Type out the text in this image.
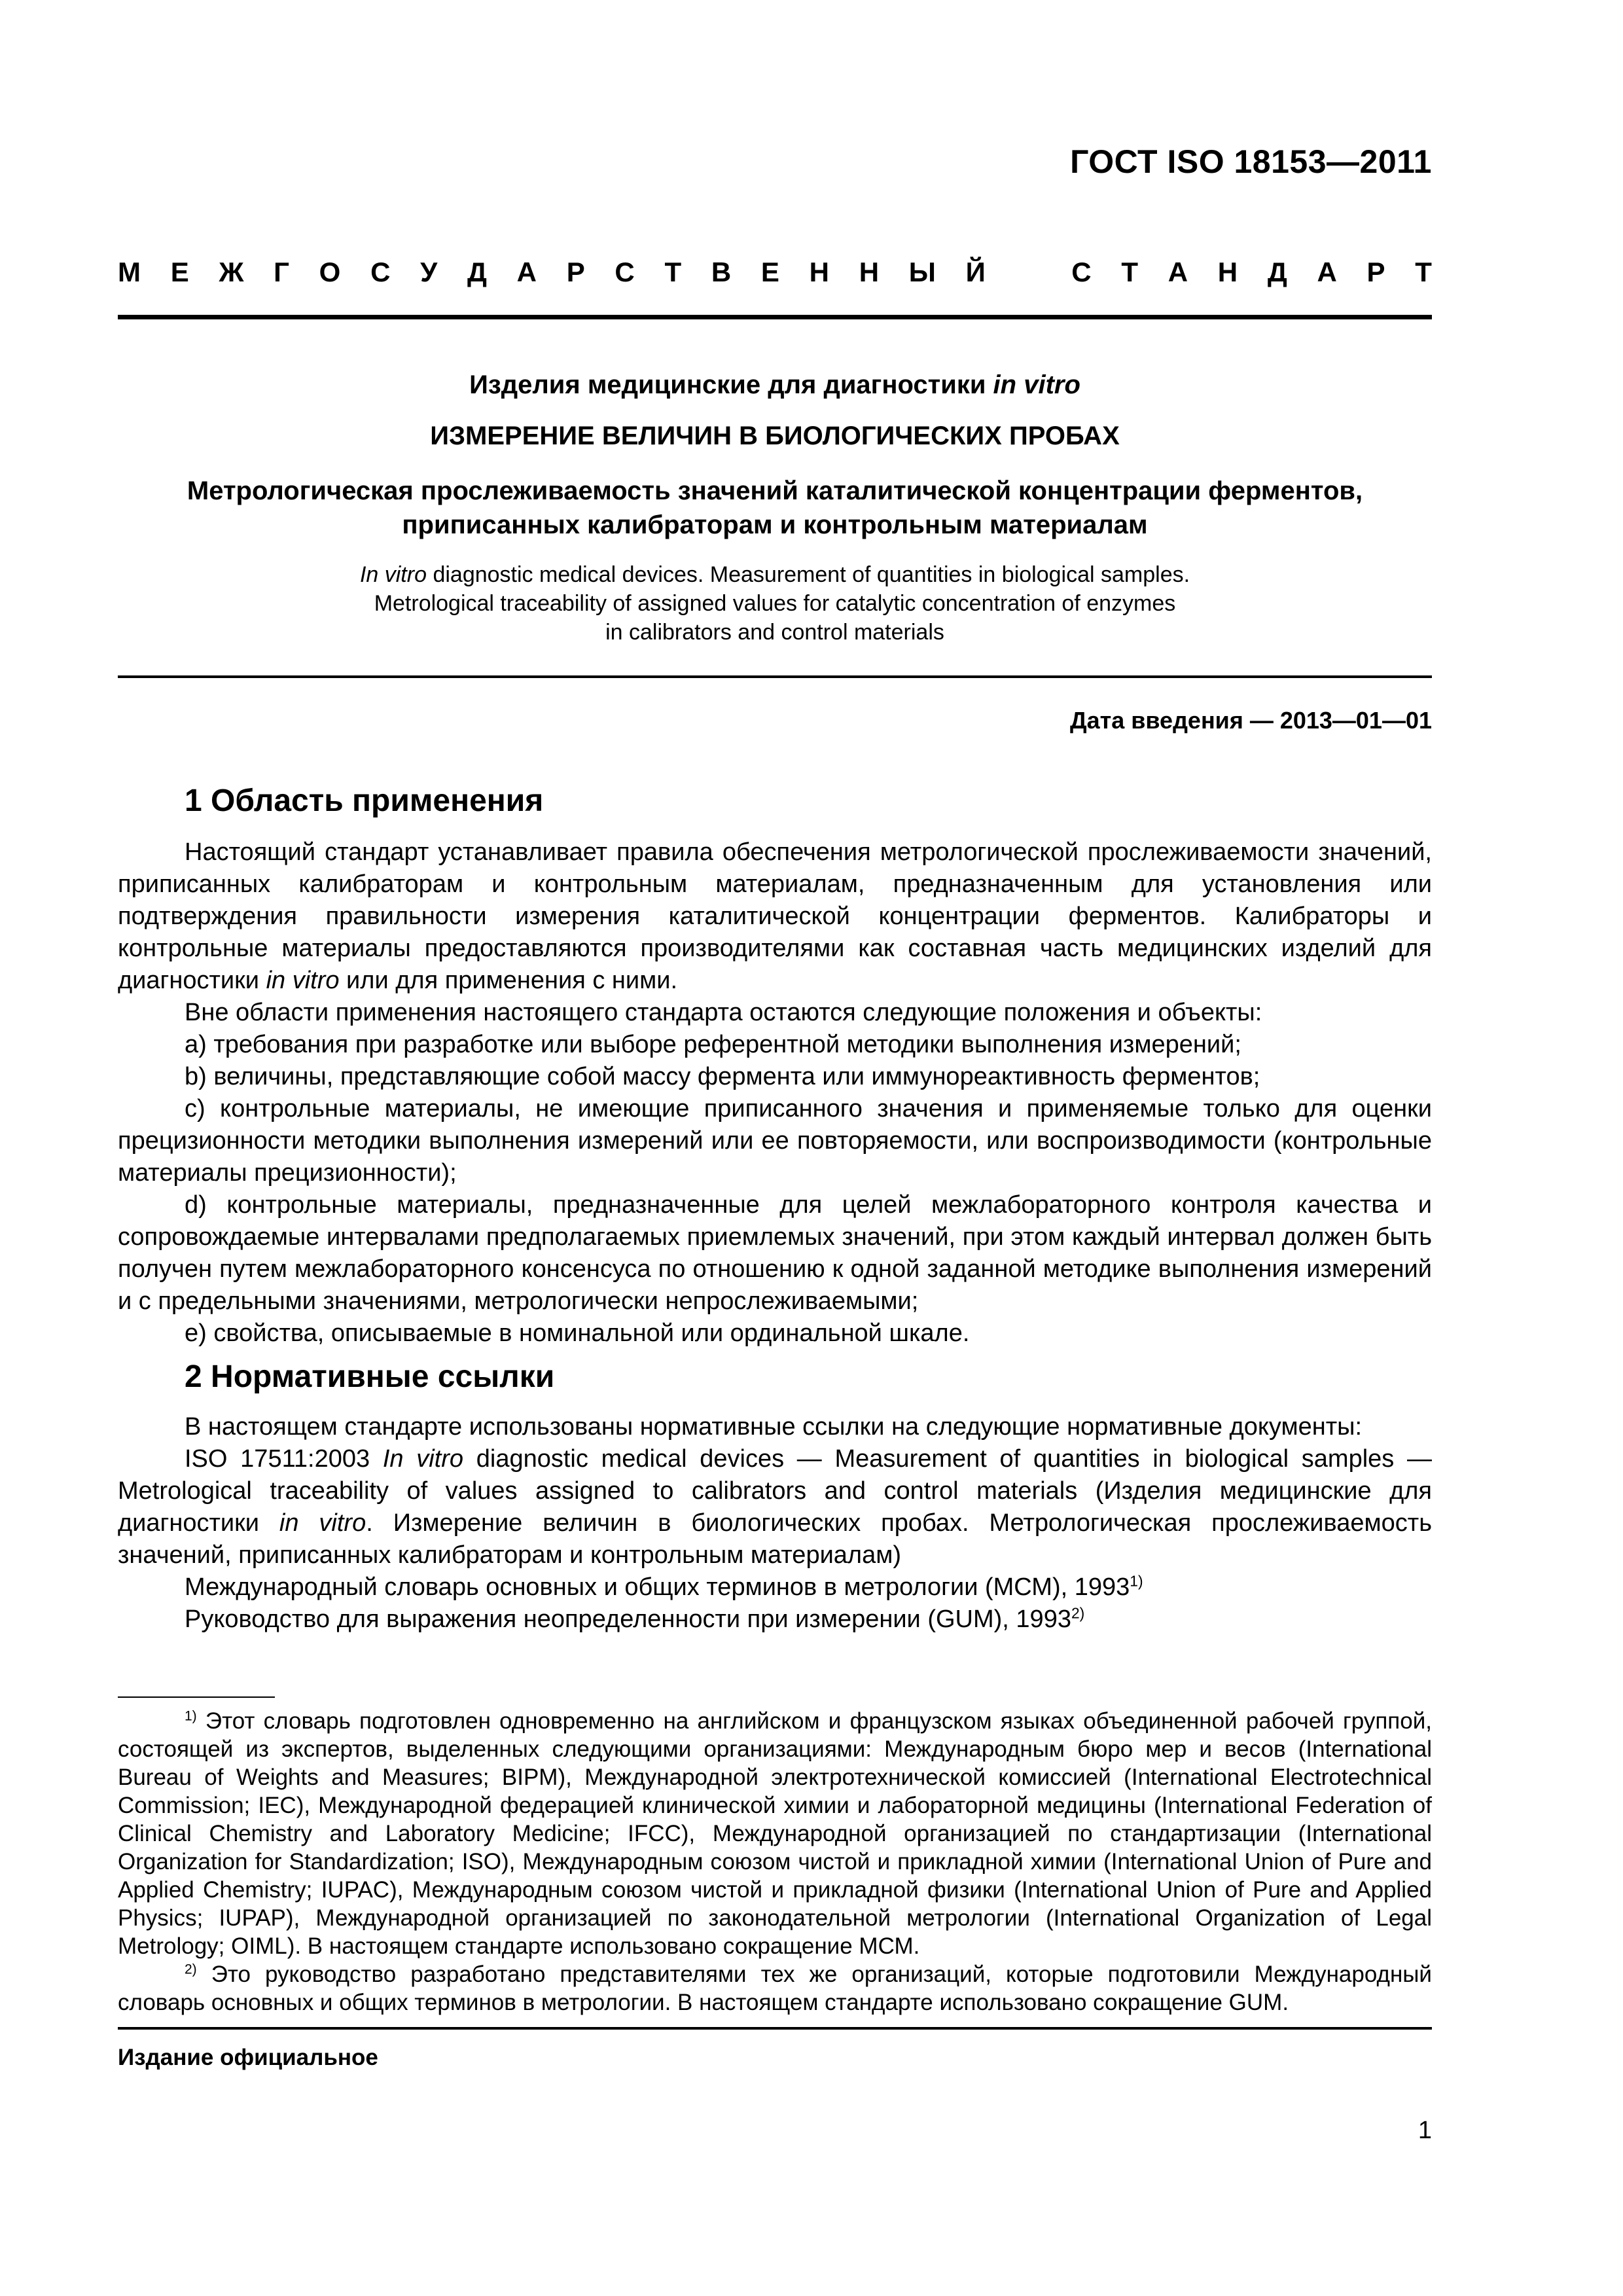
ГОСТ ISO 18153—2011
М Е Ж Г О С У Д А Р С Т В Е Н Н Ы Й	С Т А Н Д А Р Т

Изделия медицинские для диагностики in vitro

ИЗМЕРЕНИЕ ВЕЛИЧИН В БИОЛОГИЧЕСКИХ ПРОБАХ

Метрологическая прослеживаемость значений каталитической концентрации ферментов,
приписанных калибраторам и контрольным материалам

In vitro diagnostic medical devices. Measurement of quantities in biological samples.
Metrological traceability of assigned values for catalytic concentration of enzymes
in calibrators and control materials

Дата введения — 2013—01—01
1 Область применения

Настоящий стандарт устанавливает правила обеспечения метрологической прослеживаемости значений, приписанных калибраторам и контрольным материалам, предназначенным для установления или подтверждения правильности измерения каталитической концентрации ферментов. Калибраторы и контрольные материалы предоставляются производителями как составная часть медицинских изделий для диагностики in vitro или для применения с ними.

Вне области применения настоящего стандарта остаются следующие положения и объекты:

a) требования при разработке или выборе референтной методики выполнения измерений;

b) величины, представляющие собой массу фермента или иммунореактивность ферментов;

c) контрольные материалы, не имеющие приписанного значения и применяемые только для оценки прецизионности методики выполнения измерений или ее повторяемости, или воспроизводимости (контрольные материалы прецизионности);

d) контрольные материалы, предназначенные для целей межлабораторного контроля качества и сопровождаемые интервалами предполагаемых приемлемых значений, при этом каждый интервал должен быть получен путем межлабораторного консенсуса по отношению к одной заданной методике выполнения измерений и с предельными значениями, метрологически непрослеживаемыми;

e) свойства, описываемые в номинальной или ординальной шкале.

2 Нормативные ссылки

В настоящем стандарте использованы нормативные ссылки на следующие нормативные документы:

ISO 17511:2003 In vitro diagnostic medical devices — Measurement of quantities in biological samples — Metrological traceability of values assigned to calibrators and control materials (Изделия медицинские для диагностики in vitro. Измерение величин в биологических пробах. Метрологическая прослеживаемость значений, приписанных калибраторам и контрольным материалам)

Международный словарь основных и общих терминов в метрологии (МСМ), 1993$^{1)}$

Руководство для выражения неопределенности при измерении (GUM), 1993$^{2)}$

$^{1)}$ Этот словарь подготовлен одновременно на английском и французском языках объединенной рабочей группой, состоящей из экспертов, выделенных следующими организациями: Международным бюро мер и весов (International Bureau of Weights and Measures; BIPM), Международной электротехнической комиссией (International Electrotechnical Commission; IEC), Международной федерацией клинической химии и лабораторной медицины (International Federation of Clinical Chemistry and Laboratory Medicine; IFCC), Международной организацией по стандартизации (International Organization for Standardization; ISO), Международным союзом чистой и прикладной химии (International Union of Pure and Applied Chemistry; IUPAC), Международным союзом чистой и прикладной физики (International Union of Pure and Applied Physics; IUPAP), Международной организацией по законодательной метрологии (International Organization of Legal Metrology; OIML). В настоящем стандарте использовано сокращение МСМ.

$^{2)}$ Это руководство разработано представителями тех же организаций, которые подготовили Международный словарь основных и общих терминов в метрологии. В настоящем стандарте использовано сокращение GUM.

Издание официальное
1
